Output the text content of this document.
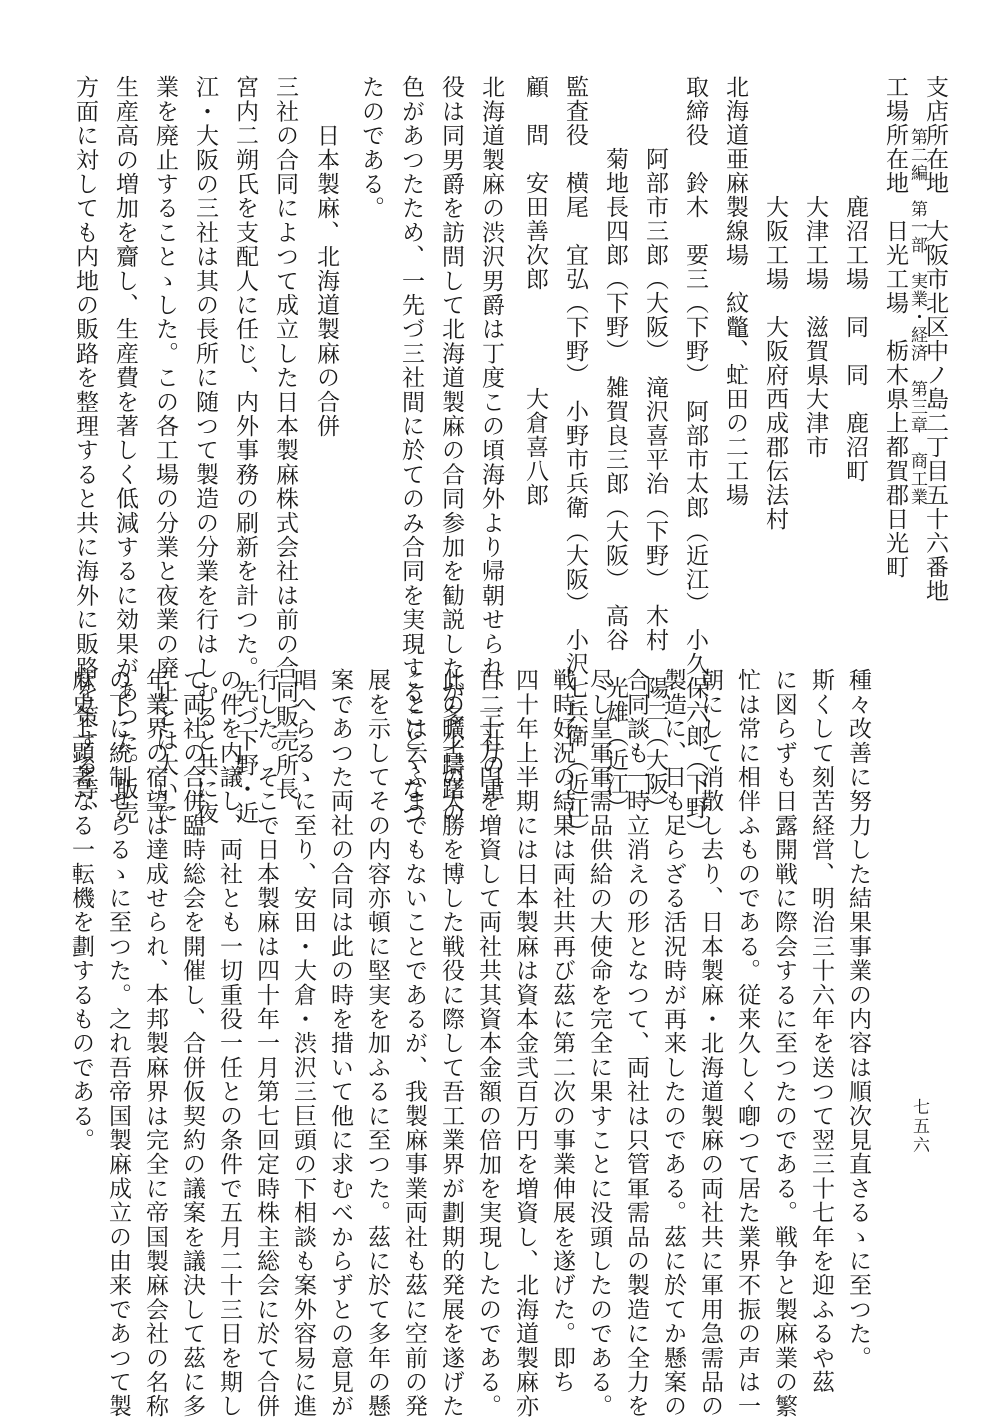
第二編　第一部　実業・経済　第三章　商工業
七五六
支店所在地　大阪市北区中ノ島二丁目五十六番地
工場所在地　日光工場　栃木県上都賀郡日光町
　　　　　鹿沼工場　同　同　鹿沼町
　　　　　大津工場　滋賀県大津市
　　　　　大阪工場　大阪府西成郡伝法村
北海道亜麻製線場　紋鼈、虻田の二工場
取締役　鈴木　要三（下野）　阿部市太郎（近江）　小久保六郎（下野）
　　　阿部市三郎（大阪）　滝沢喜平治（下野）　木村　陽二（大阪）
　　　菊地長四郎（下野）　雑賀良三郎（大阪）　高谷　光雄（近江）
監査役　横尾　宜弘（下野）　小野市兵衛（大阪）　小沢七兵衛（近江）
顧　問　安田善次郎　　　　大倉喜八郎
北海道製麻の渋沢男爵は丁度この頃海外より帰朝せられ、三社の重
役は同男爵を訪問して北海道製麻の合同参加を勧説したが多少躊躇の
色があつたため、一先づ三社間に於てのみ合同を実現することゝなつ
たのである。
　　日本製麻、北海道製麻の合併
三社の合同によつて成立した日本製麻株式会社は前の合同販売所長
宮内二朔氏を支配人に任じ、内外事務の刷新を計つた。先づ下野・近
江・大阪の三社は其の長所に随つて製造の分業を行はしむると共に夜
業を廃止することゝした。この各工場の分業と夜業の廃止とは大いに
生産高の増加を齎し、生産費を著しく低減するに効果があつた。販売
方面に対しても内地の販路を整理すると共に海外に販路を策する等、
種々改善に努力した結果事業の内容は順次見直さるゝに至つた。
斯くして刻苦経営、明治三十六年を送つて翌三十七年を迎ふるや茲
に図らずも日露開戦に際会するに至つたのである。戦争と製麻業の繁
忙は常に相伴ふものである。従来久しく喞つて居た業界不振の声は一
朝にして消散し去り、日本製麻・北海道製麻の両社共に軍用急需品の
製造に、日も足らざる活況時が再来したのである。茲に於てか懸案の
合同談も一時立消えの形となつて、両社は只管軍需品の製造に全力を
尽し皇軍軍需品供給の大使命を完全に果すことに没頭したのである。
戦時好況の結果は両社共再び茲に第二次の事業伸展を遂げた。即ち
四十年上半期には日本製麻は資本金弐百万円を増資し、北海道製麻亦
百二十万円を増資して両社共其資本金額の倍加を実現したのである。
此の曠古の大勝を博した戦役に際して吾工業界が劃期的発展を遂げた
ことは云ふまでもないことであるが、我製麻事業両社も茲に空前の発
展を示してその内容亦頓に堅実を加ふるに至つた。茲に於て多年の懸
案であつた両社の合同は此の時を措いて他に求むべからずとの意見が
唱へらるゝに至り、安田・大倉・渋沢三巨頭の下相談も案外容易に進
行した。そこで日本製麻は四十年一月第七回定時株主総会に於て合併
の件を内議し、両社とも一切重役一任との条件で五月二十三日を期し
て両社の合併臨時総会を開催し、合併仮契約の議案を議決して茲に多
年業界の宿望は達成せられ、本邦製麻界は完全に帝国製麻会社の名称
の下に統制せらるゝに至つた。之れ吾帝国製麻成立の由来であつて製
麻史上顕著なる一転機を劃するものである。
